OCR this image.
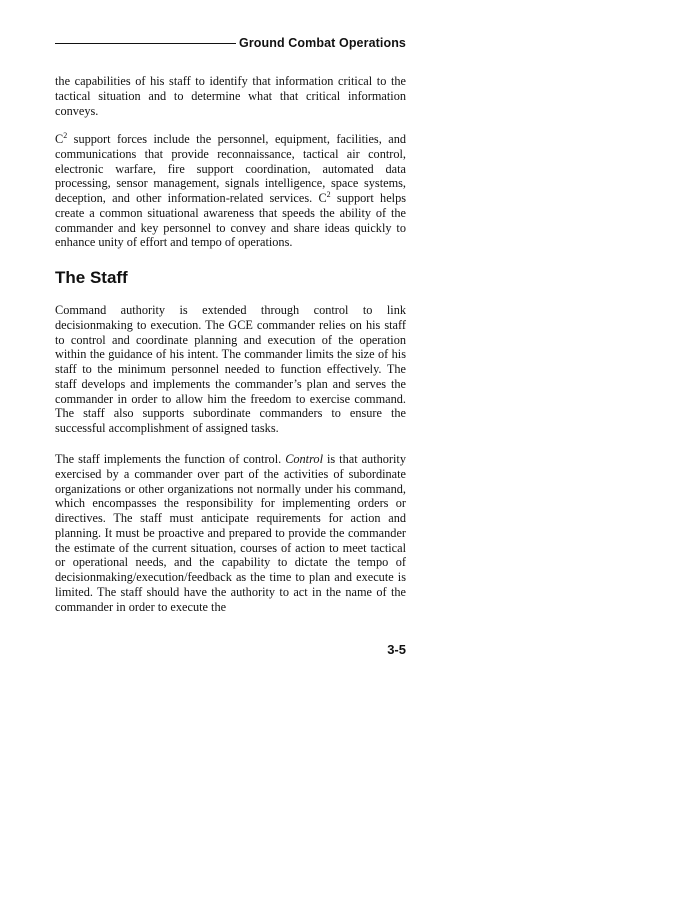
Ground Combat Operations

the capabilities of his staff to identify that information critical to the tactical situation and to determine what that critical information conveys.

$C^2$ support forces include the personnel, equipment, facilities, and communications that provide reconnaissance, tactical air control, electronic warfare, fire support coordination, automated data processing, sensor management, signals intelligence, space systems, deception, and other information-related services. $C^2$ support helps create a common situational awareness that speeds the ability of the commander and key personnel to convey and share ideas quickly to enhance unity of effort and tempo of operations.

The Staff

Command authority is extended through control to link decisionmaking to execution. The GCE commander relies on his staff to control and coordinate planning and execution of the operation within the guidance of his intent. The commander limits the size of his staff to the minimum personnel needed to function effectively. The staff develops and implements the commander’s plan and serves the commander in order to allow him the freedom to exercise command. The staff also supports subordinate commanders to ensure the successful accomplishment of assigned tasks.

The staff implements the function of control. Control is that authority exercised by a commander over part of the activities of subordinate organizations or other organizations not normally under his command, which encompasses the responsibility for implementing orders or directives. The staff must anticipate requirements for action and planning. It must be proactive and prepared to provide the commander the estimate of the current situation, courses of action to meet tactical or operational needs, and the capability to dictate the tempo of decisionmaking/execution/feedback as the time to plan and execute is limited. The staff should have the authority to act in the name of the commander in order to execute the

3-5
